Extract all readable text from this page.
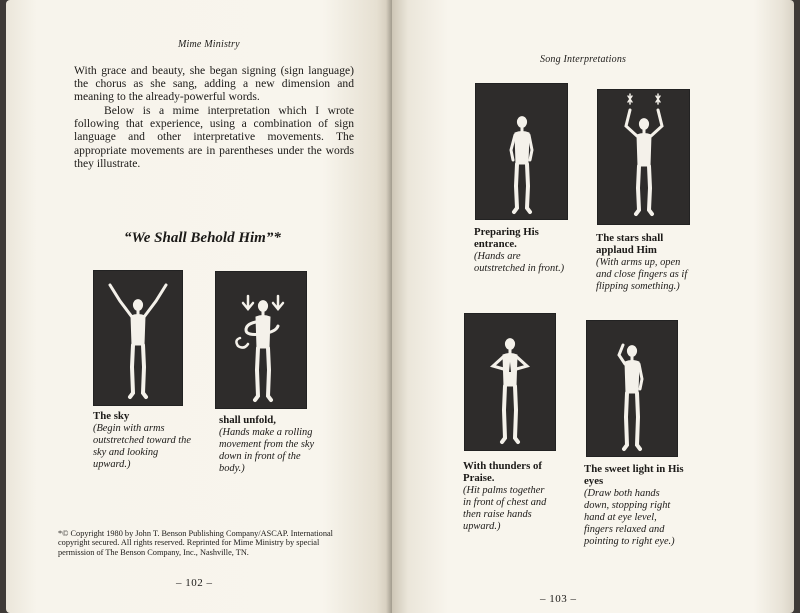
Mime Ministry

With grace and beauty, she began signing (sign language) the chorus as she sang, adding a new dimension and meaning to the already-powerful words.

Below is a mime interpretation which I wrote following that experience, using a combination of sign language and other interpretative movements. The appropriate movements are in parentheses under the words they illustrate.

“We Shall Behold Him”*

The sky

(Begin with arms outstretched toward the sky and looking upward.)

shall unfold,

(Hands make a rolling movement from the sky down in front of the body.)

*© Copyright 1980 by John T. Benson Publishing Company/ASCAP. International copyright secured. All rights reserved. Reprinted for Mime Ministry by special permission of The Benson Company, Inc., Nashville, TN.

– 102 –
Song Interpretations

Preparing His entrance.

(Hands are outstretched in front.)

The stars shall applaud Him

(With arms up, open and close fingers as if flipping something.)

With thunders of Praise.

(Hit palms together in front of chest and then raise hands upward.)

The sweet light in His eyes

(Draw both hands down, stopping right hand at eye level, fingers relaxed and pointing to right eye.)

– 103 –
